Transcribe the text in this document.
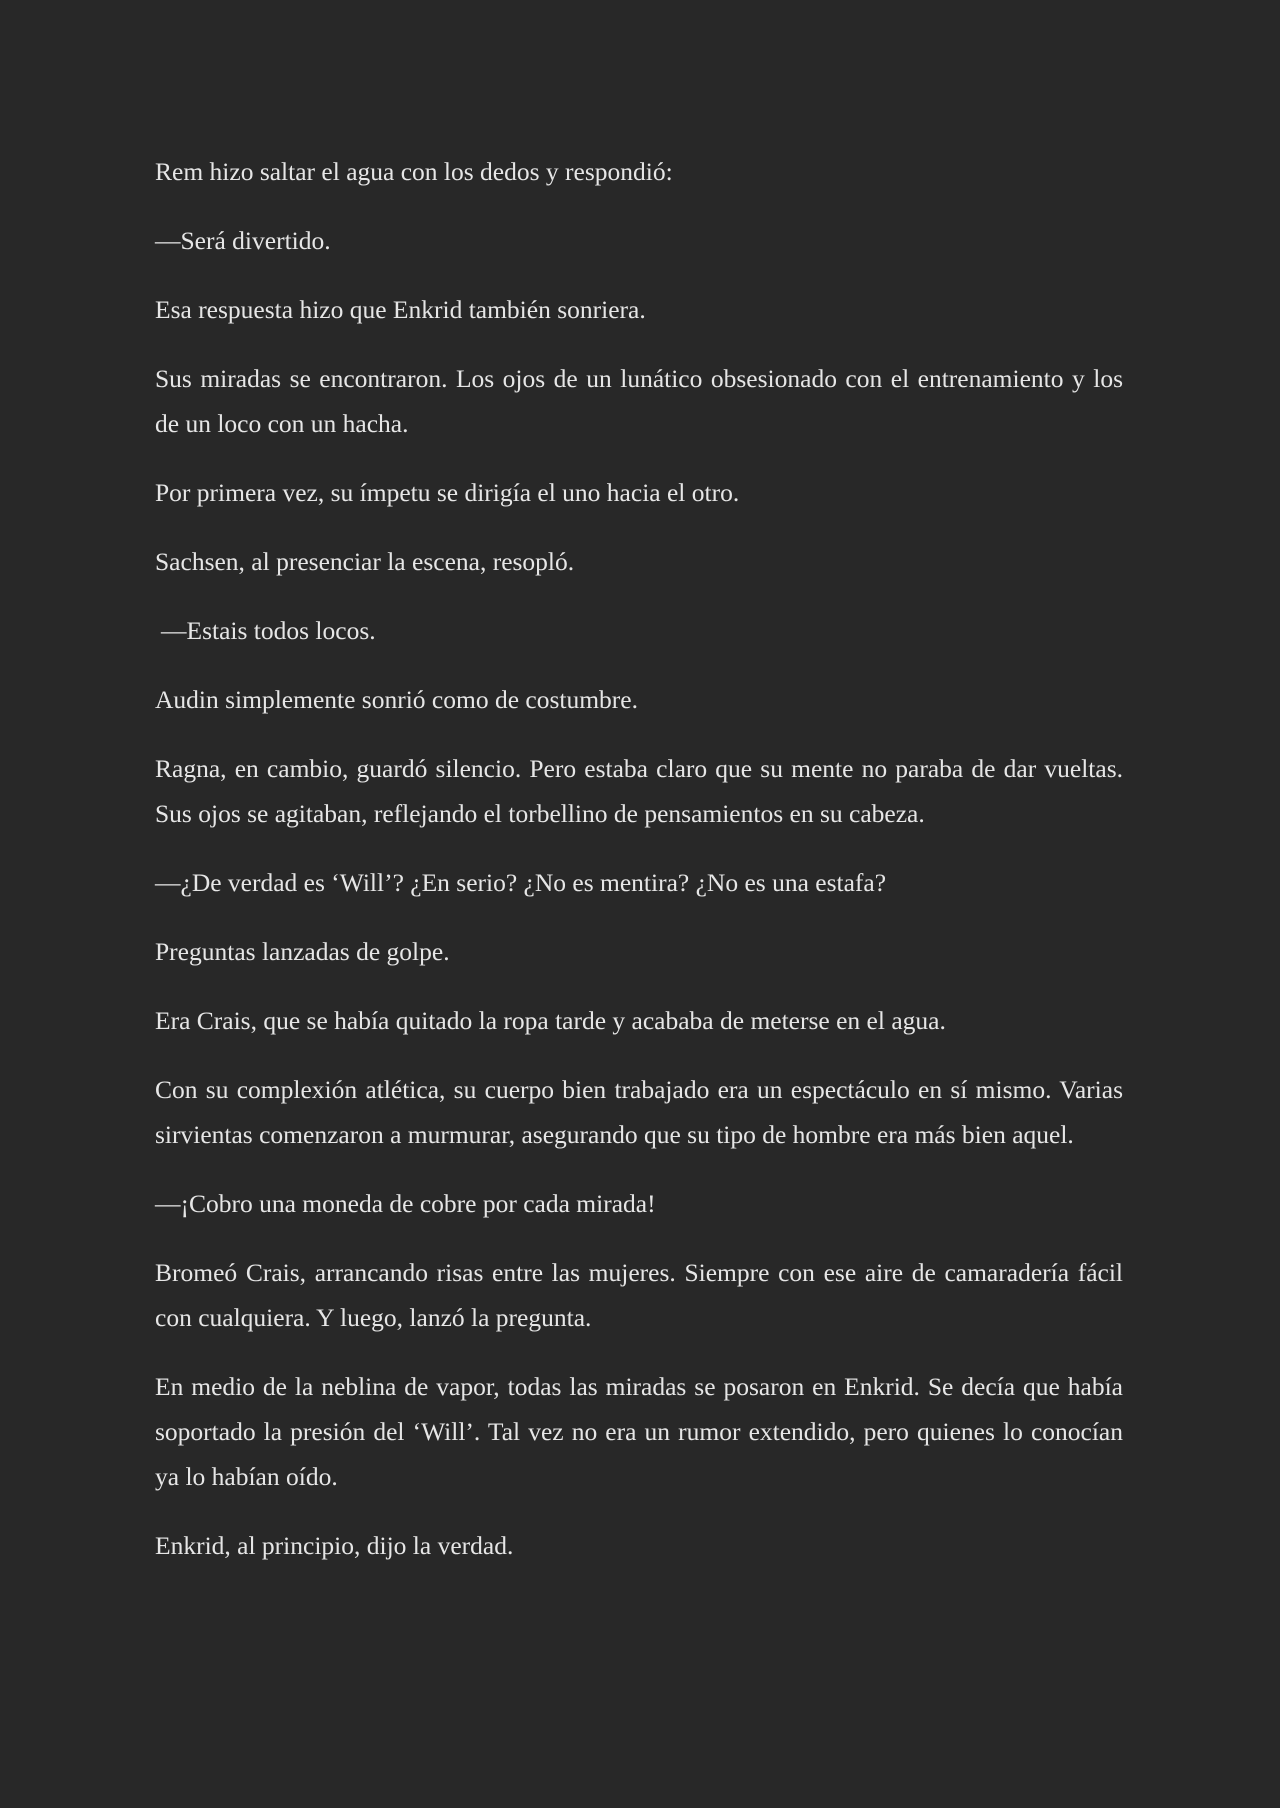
Rem hizo saltar el agua con los dedos y respondió:

—Será divertido.

Esa respuesta hizo que Enkrid también sonriera.

Sus miradas se encontraron. Los ojos de un lunático obsesionado con el entrenamiento y los de un loco con un hacha.

Por primera vez, su ímpetu se dirigía el uno hacia el otro.

Sachsen, al presenciar la escena, resopló.

—Estais todos locos.

Audin simplemente sonrió como de costumbre.

Ragna, en cambio, guardó silencio. Pero estaba claro que su mente no paraba de dar vueltas. Sus ojos se agitaban, reflejando el torbellino de pensamientos en su cabeza.

—¿De verdad es ‘Will’? ¿En serio? ¿No es mentira? ¿No es una estafa?

Preguntas lanzadas de golpe.

Era Crais, que se había quitado la ropa tarde y acababa de meterse en el agua.

Con su complexión atlética, su cuerpo bien trabajado era un espectáculo en sí mismo. Varias sirvientas comenzaron a murmurar, asegurando que su tipo de hombre era más bien aquel.

—¡Cobro una moneda de cobre por cada mirada!

Bromeó Crais, arrancando risas entre las mujeres. Siempre con ese aire de camaradería fácil con cualquiera. Y luego, lanzó la pregunta.

En medio de la neblina de vapor, todas las miradas se posaron en Enkrid. Se decía que había soportado la presión del ‘Will’. Tal vez no era un rumor extendido, pero quienes lo conocían ya lo habían oído.

Enkrid, al principio, dijo la verdad.
